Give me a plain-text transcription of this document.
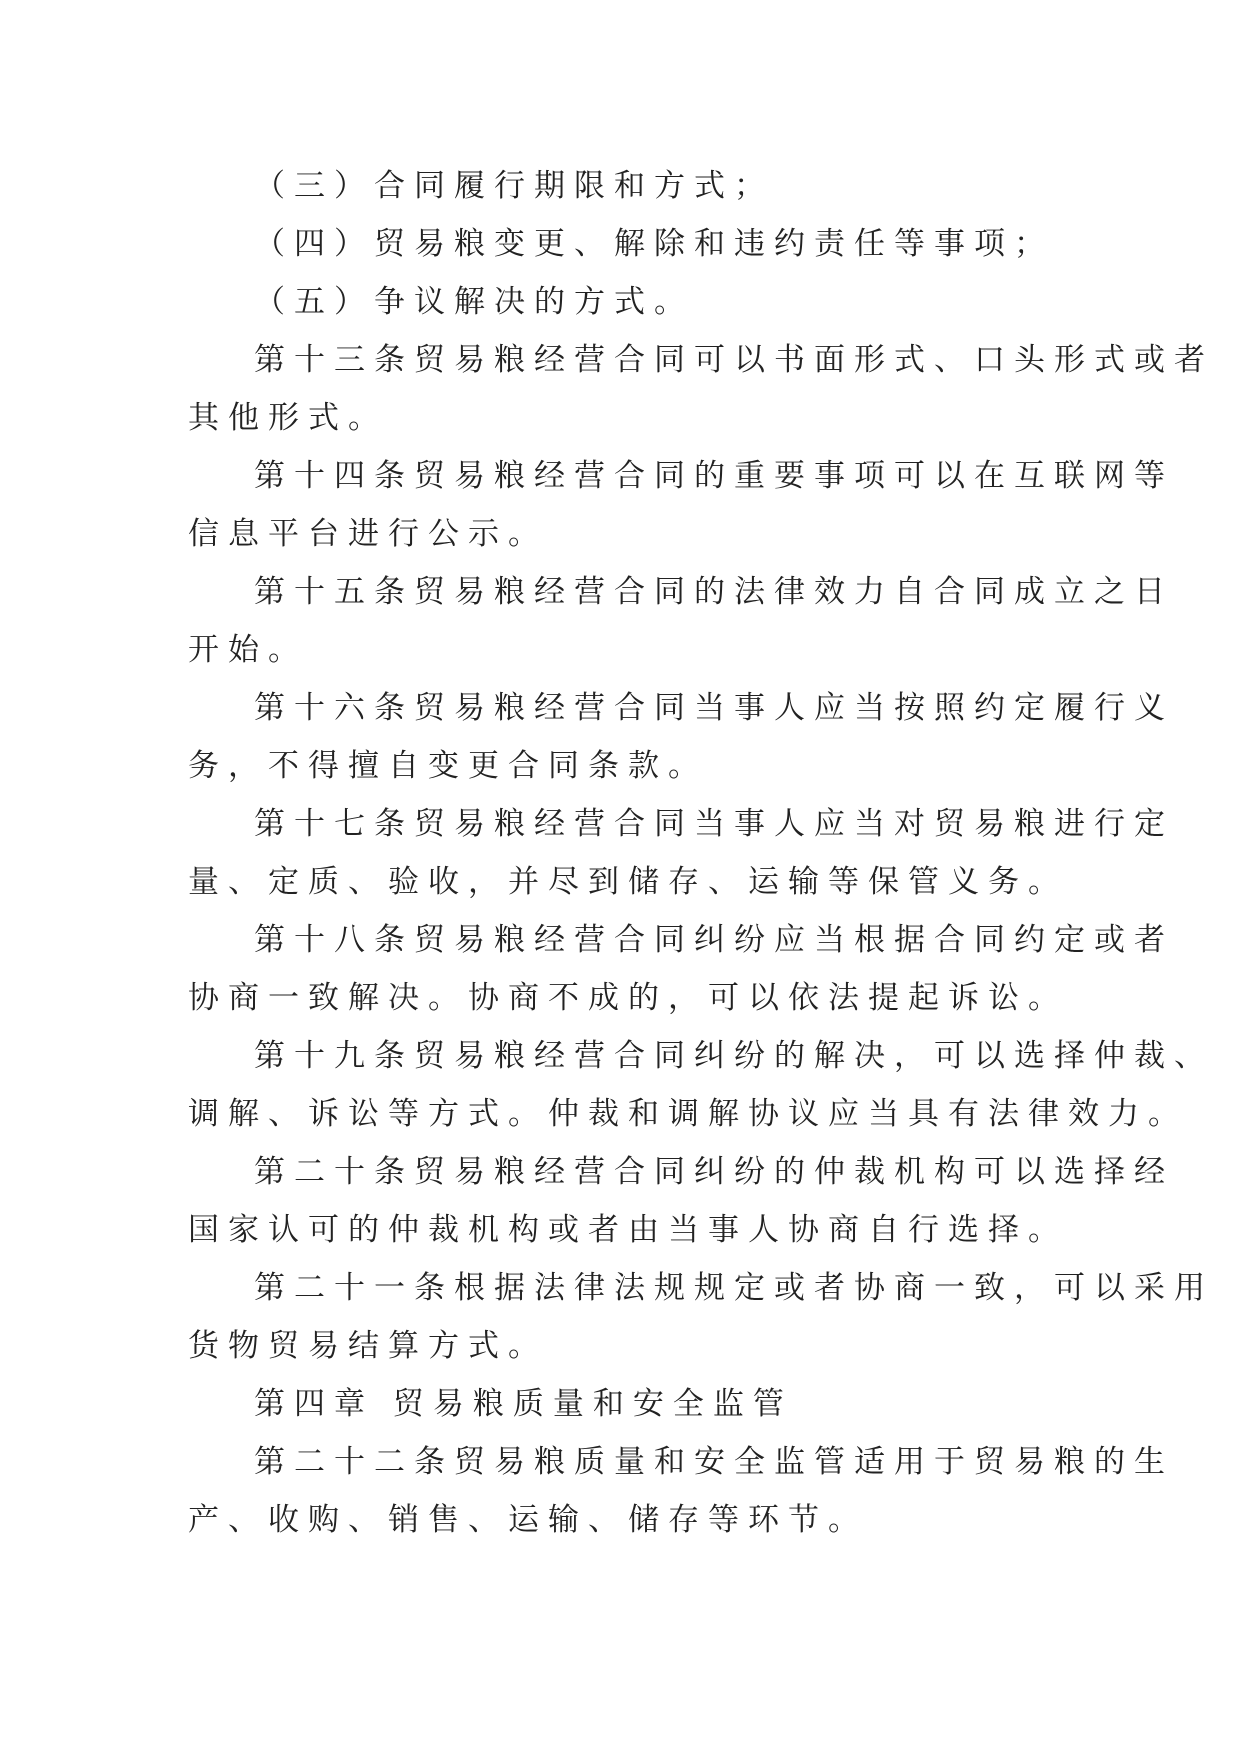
（三）合同履行期限和方式；

（四）贸易粮变更、解除和违约责任等事项；

（五）争议解决的方式。

第十三条贸易粮经营合同可以书面形式、口头形式或者

其他形式。

第十四条贸易粮经营合同的重要事项可以在互联网等

信息平台进行公示。

第十五条贸易粮经营合同的法律效力自合同成立之日

开始。

第十六条贸易粮经营合同当事人应当按照约定履行义

务，不得擅自变更合同条款。

第十七条贸易粮经营合同当事人应当对贸易粮进行定

量、定质、验收，并尽到储存、运输等保管义务。

第十八条贸易粮经营合同纠纷应当根据合同约定或者

协商一致解决。协商不成的，可以依法提起诉讼。

第十九条贸易粮经营合同纠纷的解决，可以选择仲裁、

调解、诉讼等方式。仲裁和调解协议应当具有法律效力。

第二十条贸易粮经营合同纠纷的仲裁机构可以选择经

国家认可的仲裁机构或者由当事人协商自行选择。

第二十一条根据法律法规规定或者协商一致，可以采用

货物贸易结算方式。

第四章 贸易粮质量和安全监管

第二十二条贸易粮质量和安全监管适用于贸易粮的生

产、收购、销售、运输、储存等环节。
